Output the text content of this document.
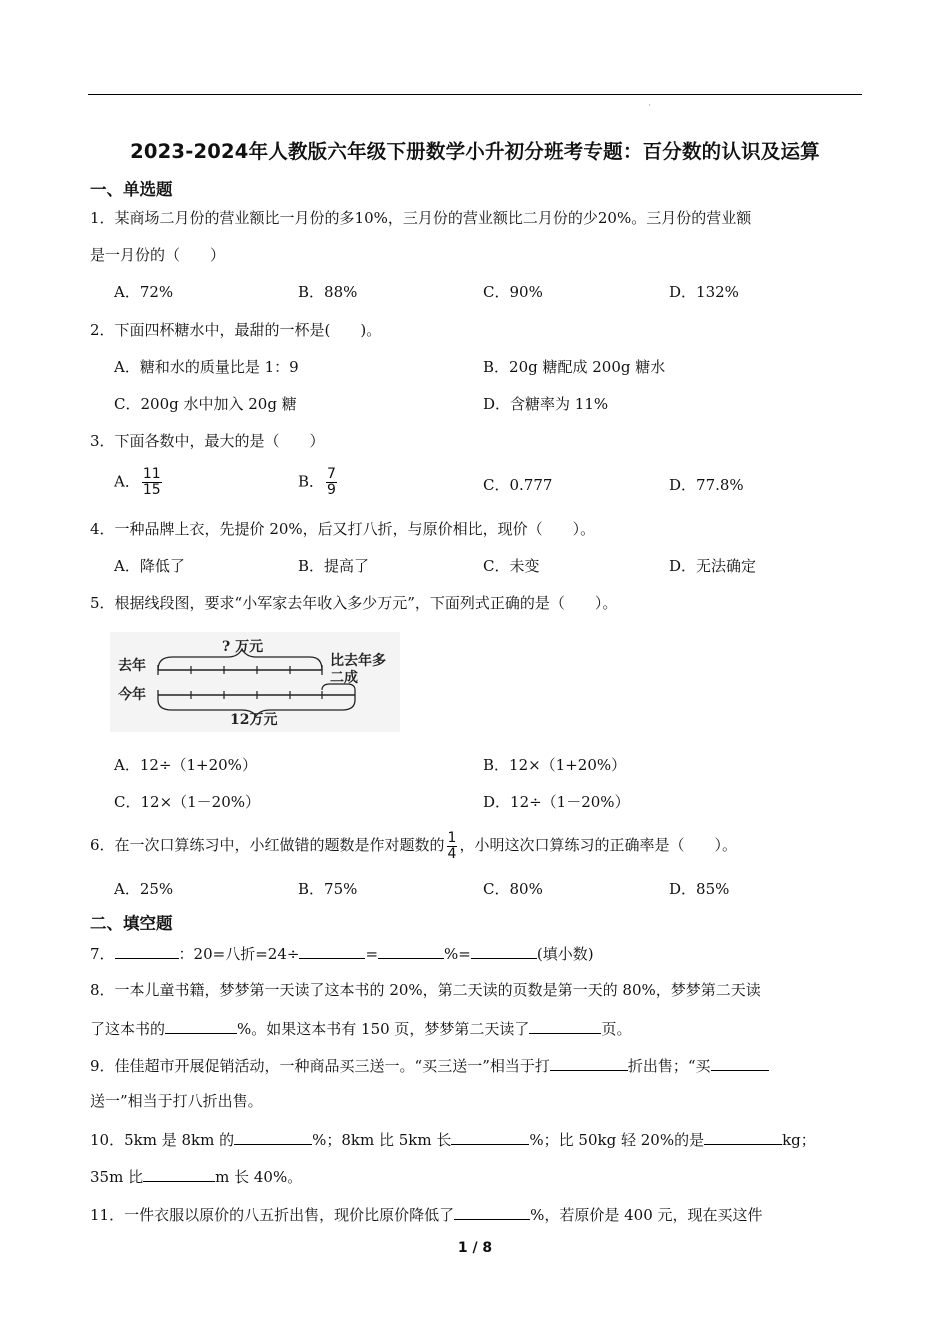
'
2023-2024年人教版六年级下册数学小升初分班考专题：百分数的认识及运算
一、单选题
1．某商场二月份的营业额比一月份的多10%，三月份的营业额比二月份的少20%。三月份的营业额
是一月份的（　　）
A．72%	B．88%	C．90%	D．132%
2．下面四杯糖水中，最甜的一杯是(　　)。
A．糖和水的质量比是 1：9	B．20g 糖配成 200g 糖水
C．200g 水中加入 20g 糖	D．含糖率为 11%
3．下面各数中，最大的是（　　）
A． $\frac{11}{15}$	B． $\frac{7}{9}$	C．0.777	D．77.8%
4．一种品牌上衣，先提价 20%，后又打八折，与原价相比，现价（　　）。
A．降低了	B．提高了	C．未变	D．无法确定
5．根据线段图，要求“小军家去年收入多少万元”，下面列式正确的是（　　）。
去年
今年
? 万元
比去年多
二成
12万元
A．12÷（1+20%）	B．12×（1+20%）
C．12×（1－20%）	D．12÷（1－20%）
6．在一次口算练习中，小红做错的题数是作对题数的 $\frac{1}{4}$ ，小明这次口算练习的正确率是（　　）。
A．25%	B．75%	C．80%	D．85%
二、填空题
7．	：20=八折=24÷	=	%=	(填小数)
8．一本儿童书籍，梦梦第一天读了这本书的 20%，第二天读的页数是第一天的 80%，梦梦第二天读
了这本书的	%。如果这本书有 150 页，梦梦第二天读了	页。
9．佳佳超市开展促销活动，一种商品买三送一。“买三送一”相当于打	折出售；“买
送一”相当于打八折出售。
10．5km 是 8km 的	%；8km 比 5km 长	%；比 50kg 轻 20%的是	kg；
35m 比	m 长 40%。
11．一件衣服以原价的八五折出售，现价比原价降低了	%，若原价是 400 元，现在买这件
1 / 8
